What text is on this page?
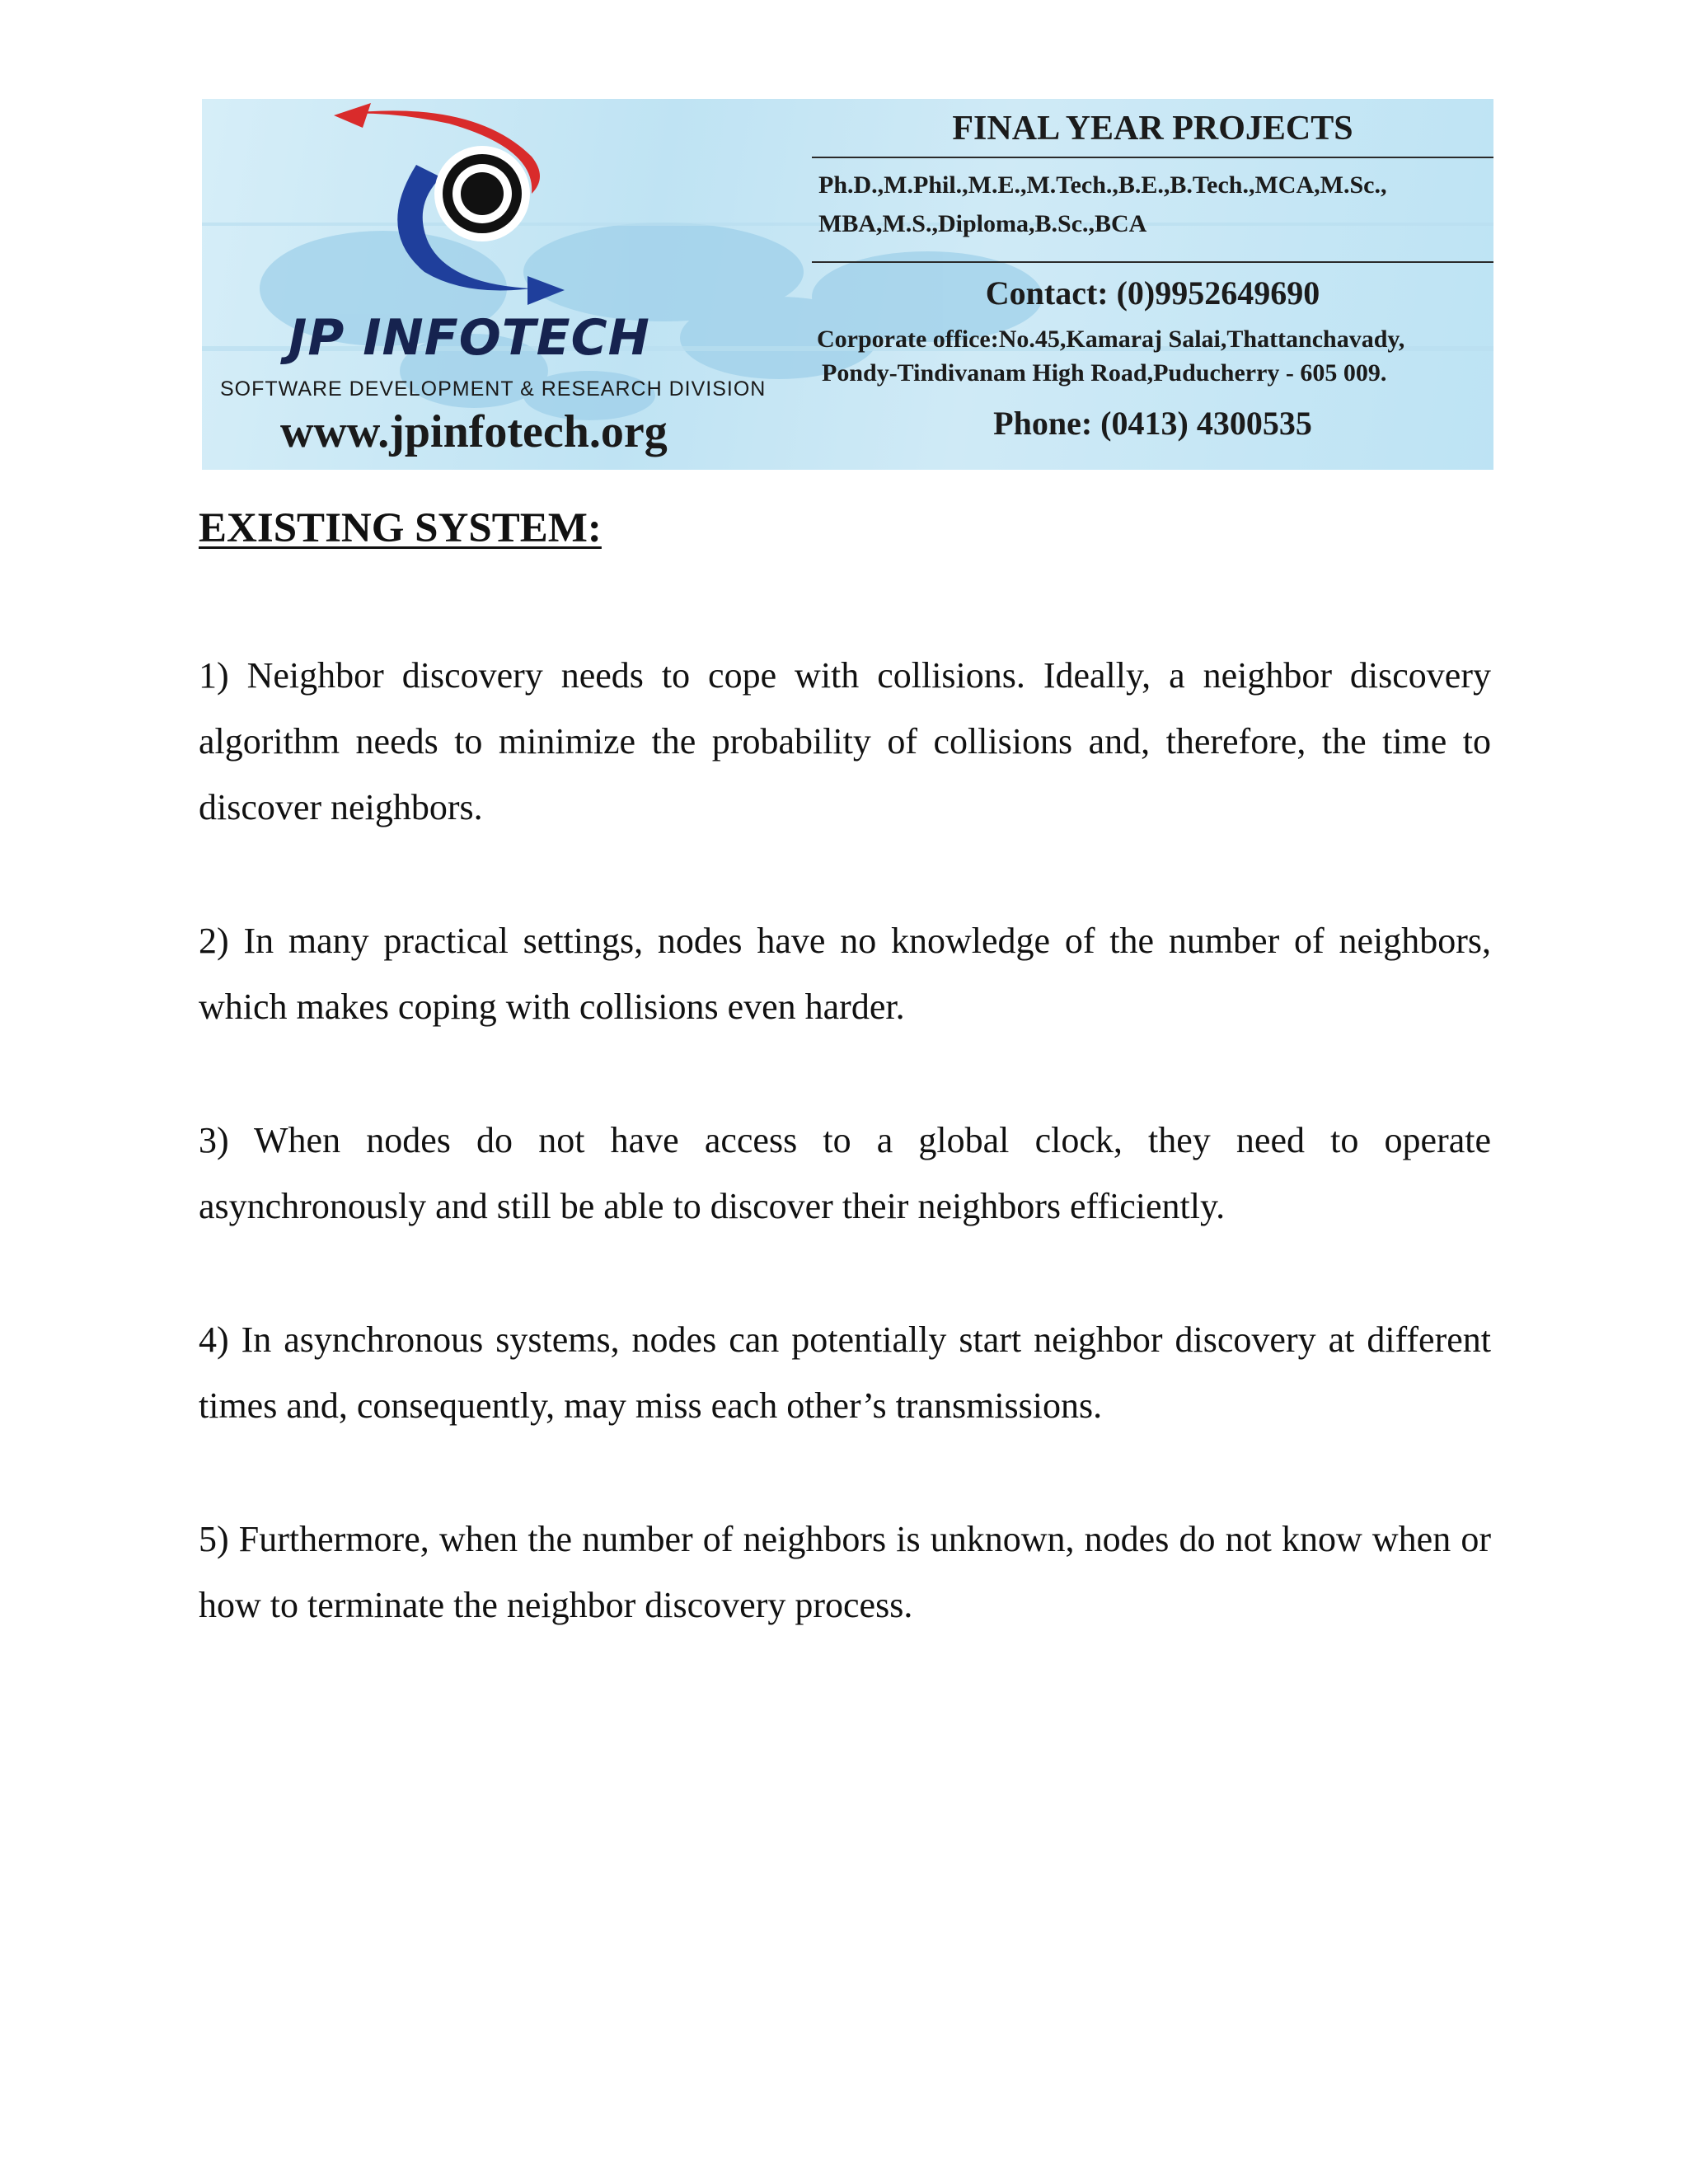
JP INFOTECH
SOFTWARE DEVELOPMENT & RESEARCH DIVISION
www.jpinfotech.org
FINAL YEAR PROJECTS
Ph.D.,M.Phil.,M.E.,M.Tech.,B.E.,B.Tech.,MCA,M.Sc.,
MBA,M.S.,Diploma,B.Sc.,BCA
Contact: (0)9952649690
Corporate office:No.45,Kamaraj Salai,Thattanchavady,
Pondy-Tindivanam High Road,Puducherry - 605 009.
Phone: (0413) 4300535
EXISTING SYSTEM:

1) Neighbor discovery needs to cope with collisions. Ideally, a neighbor discovery algorithm needs to minimize the probability of collisions and, therefore, the time to discover neighbors.

2) In many practical settings, nodes have no knowledge of the number of neighbors, which makes coping with collisions even harder.

3) When nodes do not have access to a global clock, they need to operate asynchronously and still be able to discover their neighbors efficiently.

4) In asynchronous systems, nodes can potentially start neighbor discovery at different times and, consequently, may miss each other’s transmissions.

5) Furthermore, when the number of neighbors is unknown, nodes do not know when or how to terminate the neighbor discovery process.
